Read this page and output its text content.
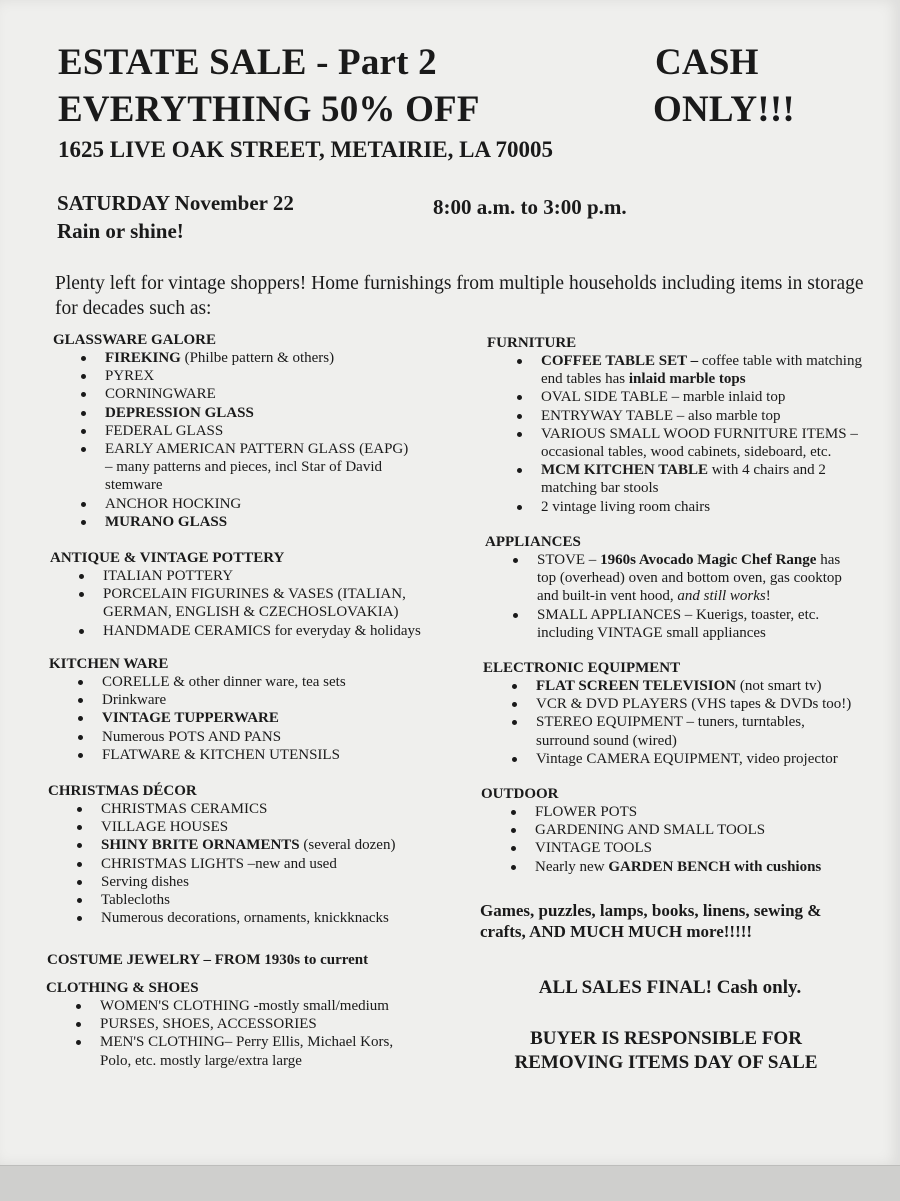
ESTATE SALE - Part 2
EVERYTHING 50% OFF
CASH
ONLY!!!
1625 LIVE OAK STREET, METAIRIE, LA 70005
SATURDAY November 22	8:00 a.m. to 3:00 p.m.
Rain or shine!
Plenty left for vintage shoppers! Home furnishings from multiple households including items in storage for decades such as:
GLASSWARE GALORE
FIREKING (Philbe pattern & others)
PYREX
CORNINGWARE
DEPRESSION GLASS
FEDERAL GLASS
EARLY AMERICAN PATTERN GLASS (EAPG)
– many patterns and pieces, incl Star of David
stemware
ANCHOR HOCKING
MURANO GLASS
ANTIQUE & VINTAGE POTTERY
ITALIAN POTTERY
PORCELAIN FIGURINES & VASES (ITALIAN,
GERMAN, ENGLISH & CZECHOSLOVAKIA)
HANDMADE CERAMICS for everyday & holidays
KITCHEN WARE
CORELLE & other dinner ware, tea sets
Drinkware
VINTAGE TUPPERWARE
Numerous POTS AND PANS
FLATWARE & KITCHEN UTENSILS
CHRISTMAS DÉCOR
CHRISTMAS CERAMICS
VILLAGE HOUSES
SHINY BRITE ORNAMENTS (several dozen)
CHRISTMAS LIGHTS –new and used
Serving dishes
Tablecloths
Numerous decorations, ornaments, knickknacks
COSTUME JEWELRY – FROM 1930s to current
CLOTHING & SHOES
WOMEN'S CLOTHING -mostly small/medium
PURSES, SHOES, ACCESSORIES
MEN'S CLOTHING– Perry Ellis, Michael Kors,
Polo, etc. mostly large/extra large
FURNITURE
COFFEE TABLE SET – coffee table with matching
end tables has inlaid marble tops
OVAL SIDE TABLE – marble inlaid top
ENTRYWAY TABLE – also marble top
VARIOUS SMALL WOOD FURNITURE ITEMS –
occasional tables, wood cabinets, sideboard, etc.
MCM KITCHEN TABLE with 4 chairs and 2
matching bar stools
2 vintage living room chairs
APPLIANCES
STOVE – 1960s Avocado Magic Chef Range has
top (overhead) oven and bottom oven, gas cooktop
and built-in vent hood, and still works!
SMALL APPLIANCES – Kuerigs, toaster, etc.
including VINTAGE small appliances
ELECTRONIC EQUIPMENT
FLAT SCREEN TELEVISION (not smart tv)
VCR & DVD PLAYERS (VHS tapes & DVDs too!)
STEREO EQUIPMENT – tuners, turntables,
surround sound (wired)
Vintage CAMERA EQUIPMENT, video projector
OUTDOOR
FLOWER POTS
GARDENING AND SMALL TOOLS
VINTAGE TOOLS
Nearly new GARDEN BENCH with cushions
Games, puzzles, lamps, books, linens, sewing &
crafts, AND MUCH MUCH more!!!!!
ALL SALES FINAL! Cash only.
BUYER IS RESPONSIBLE FOR
REMOVING ITEMS DAY OF SALE
